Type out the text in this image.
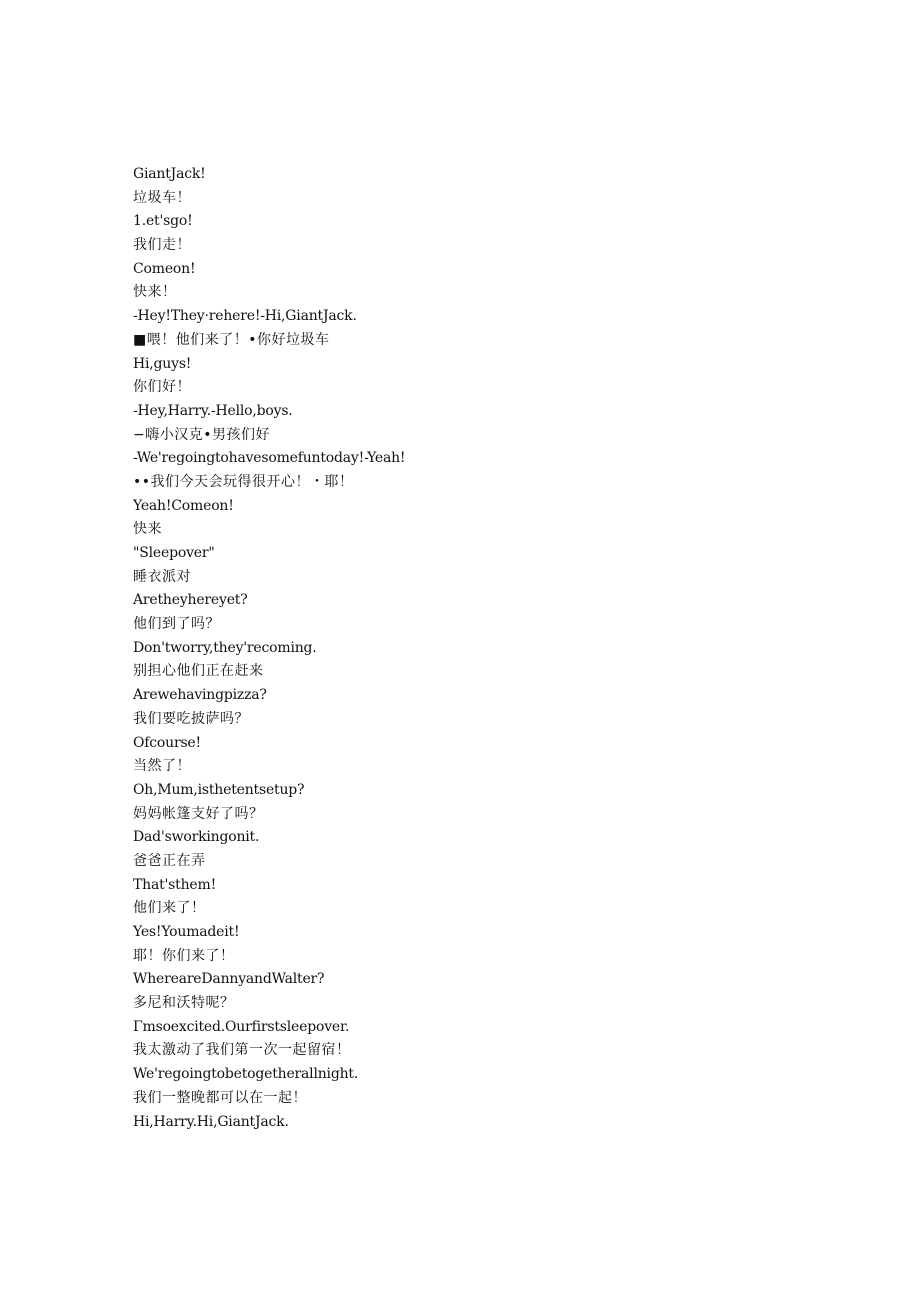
GiantJack!
垃圾车！
1.et'sgo!
我们走！
Comeon!
快来！
-Hey!They·rehere!-Hi,GiantJack.
■喂！他们来了！•你好垃圾车
Hi,guys!
你们好！
-Hey,Harry.-Hello,boys.
−嗨小汉克•男孩们好
-We'regoingtohavesomefuntoday!-Yeah!
••我们今天会玩得很开心！・耶！
Yeah!Comeon!
快来
"Sleepover"
睡衣派对
Aretheyhereyet?
他们到了吗？
Don'tworry,they'recoming.
别担心他们正在赶来
Arewehavingpizza?
我们要吃披萨吗？
Ofcourse!
当然了！
Oh,Mum,isthetentsetup?
妈妈帐篷支好了吗？
Dad'sworkingonit.
爸爸正在弄
That'sthem!
他们来了！
Yes!Youmadeit!
耶！你们来了！
WhereareDannyandWalter?
多尼和沃特呢？
Γmsoexcited.Ourfirstsleepover.
我太激动了我们第一次一起留宿！
We'regoingtobetogetherallnight.
我们一整晚都可以在一起！
Hi,Harry.Hi,GiantJack.
